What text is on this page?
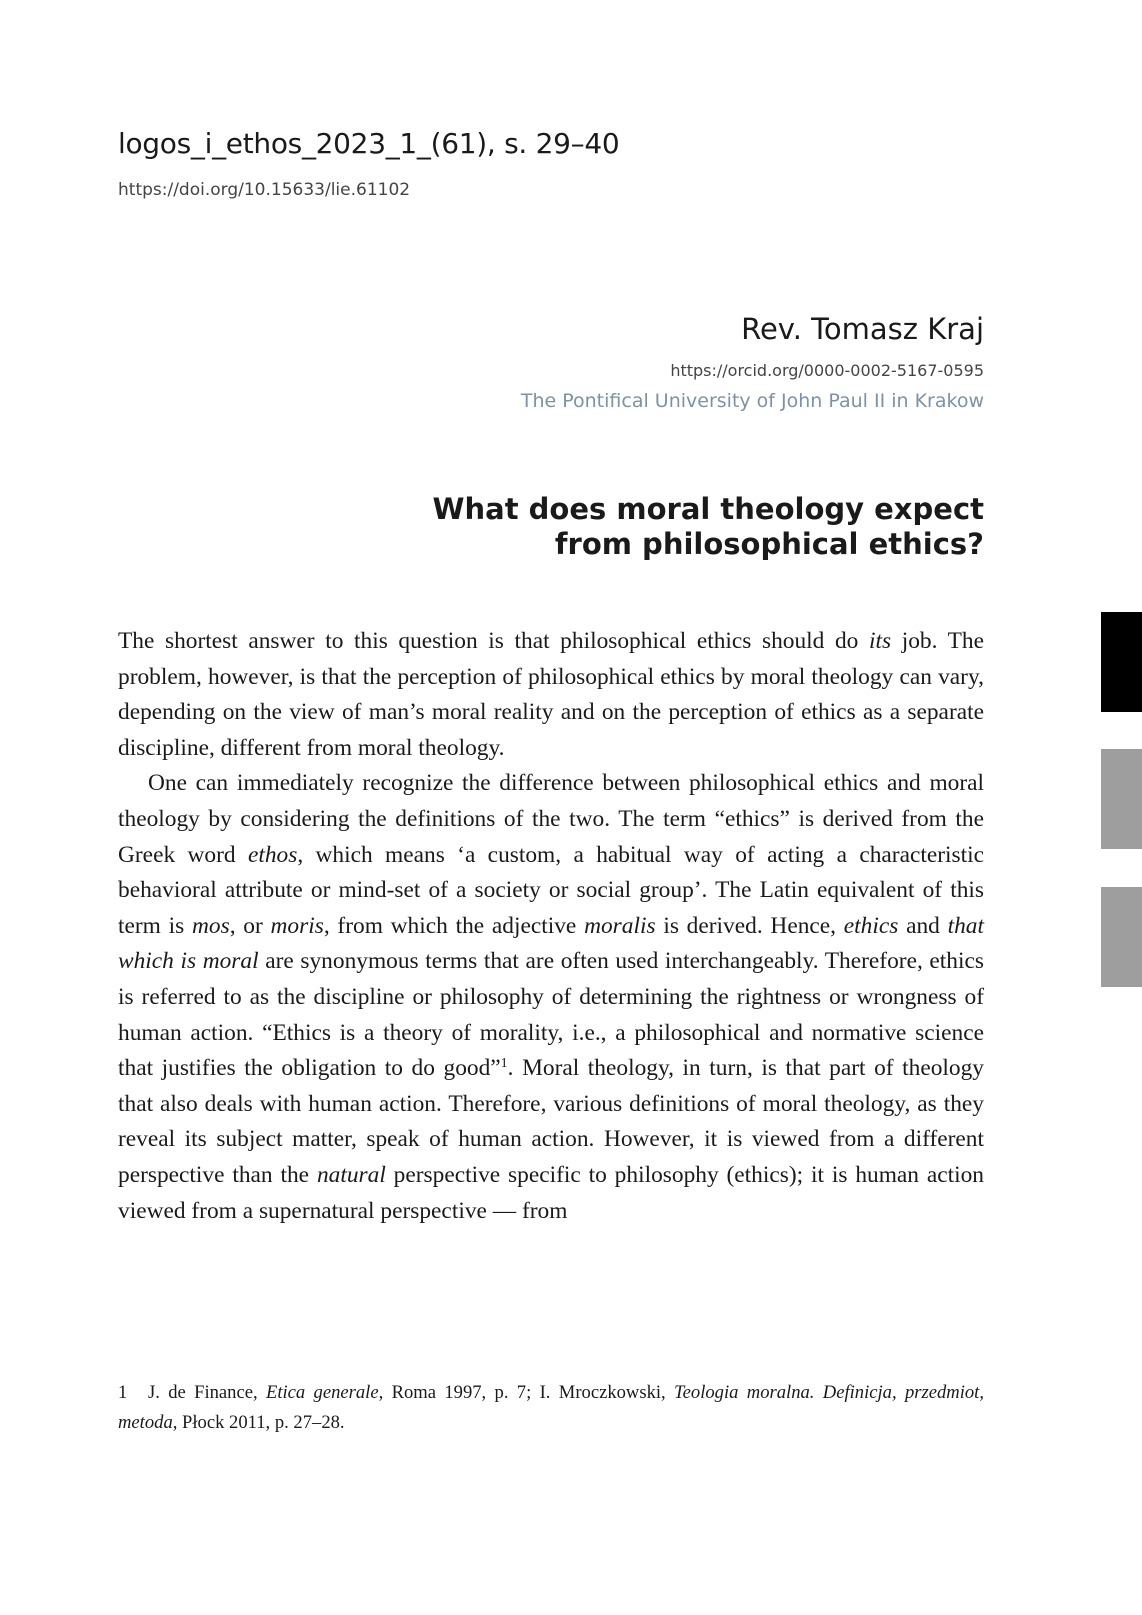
logos_i_ethos_2023_1_(61), s. 29–40
https://doi.org/10.15633/lie.61102
Rev. Tomasz Kraj
https://orcid.org/0000-0002-5167-0595
The Pontifical University of John Paul II in Krakow
What does moral theology expect
from philosophical ethics?

The shortest answer to this question is that philosophical ethics should do its job. The problem, however, is that the perception of philosophical ethics by moral theology can vary, depending on the view of man’s moral reality and on the perception of ethics as a separate discipline, different from moral theology.

One can immediately recognize the difference between philosophical ethics and moral theology by considering the definitions of the two. The term “ethics” is derived from the Greek word ethos, which means ‘a custom, a habitual way of acting a characteristic behavioral attribute or mind-set of a society or social group’. The Latin equivalent of this term is mos, or moris, from which the adjective moralis is derived. Hence, ethics and that which is moral are synonymous terms that are often used interchangeably. Therefore, ethics is referred to as the discipline or philosophy of determining the rightness or wrongness of human action. “Ethics is a theory of morality, i.e., a philosophical and normative science that justifies the obligation to do good”$^1$. Moral theology, in turn, is that part of theology that also deals with human action. Therefore, various definitions of moral theology, as they reveal its subject matter, speak of human action. However, it is viewed from a different perspective than the natural perspective specific to philosophy (ethics); it is human action viewed from a supernatural perspective — from

1 J. de Finance, Etica generale, Roma 1997, p. 7; I. Mroczkowski, Teologia moralna. Definicja, przedmiot, metoda, Płock 2011, p. 27–28.
